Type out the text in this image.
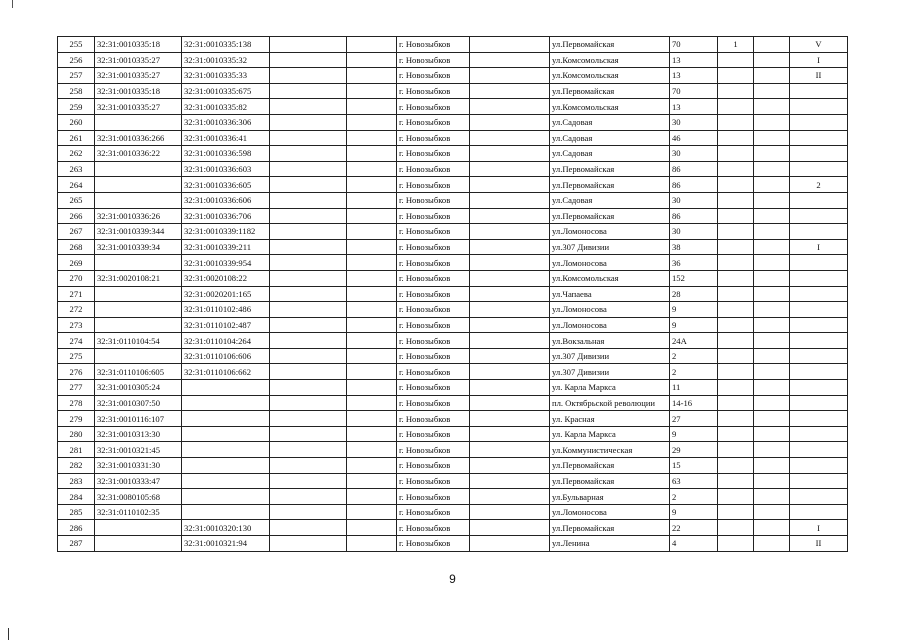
255	32:31:0010335:18	32:31:0010335:138			г. Новозыбков		ул.Первомайская	70	1		V
256	32:31:0010335:27	32:31:0010335:32			г. Новозыбков		ул.Комсомольская	13			I
257	32:31:0010335:27	32:31:0010335:33			г. Новозыбков		ул.Комсомольская	13			II
258	32:31:0010335:18	32:31:0010335:675			г. Новозыбков		ул.Первомайская	70			
259	32:31:0010335:27	32:31:0010335:82			г. Новозыбков		ул.Комсомольская	13			
260		32:31:0010336:306			г. Новозыбков		ул.Садовая	30			
261	32:31:0010336:266	32:31:0010336:41			г. Новозыбков		ул.Садовая	46			
262	32:31:0010336:22	32:31:0010336:598			г. Новозыбков		ул.Садовая	30			
263		32:31:0010336:603			г. Новозыбков		ул.Первомайская	86			
264		32:31:0010336:605			г. Новозыбков		ул.Первомайская	86			2
265		32:31:0010336:606			г. Новозыбков		ул.Садовая	30			
266	32:31:0010336:26	32:31:0010336:706			г. Новозыбков		ул.Первомайская	86			
267	32:31:0010339:344	32:31:0010339:1182			г. Новозыбков		ул.Ломоносова	30			
268	32:31:0010339:34	32:31:0010339:211			г. Новозыбков		ул.307 Дивизии	38			I
269		32:31:0010339:954			г. Новозыбков		ул.Ломоносова	36			
270	32:31:0020108:21	32:31:0020108:22			г. Новозыбков		ул.Комсомольская	152			
271		32:31:0020201:165			г. Новозыбков		ул.Чапаева	28			
272		32:31:0110102:486			г. Новозыбков		ул.Ломоносова	9			
273		32:31:0110102:487			г. Новозыбков		ул.Ломоносова	9			
274	32:31:0110104:54	32:31:0110104:264			г. Новозыбков		ул.Вокзальная	24А			
275		32:31:0110106:606			г. Новозыбков		ул.307 Дивизии	2			
276	32:31:0110106:605	32:31:0110106:662			г. Новозыбков		ул.307 Дивизии	2			
277	32:31:0010305:24				г. Новозыбков		ул. Карла Маркса	11			
278	32:31:0010307:50				г. Новозыбков		пл. Октябрьской революции	14-16			
279	32:31:0010116:107				г. Новозыбков		ул. Красная	27			
280	32:31:0010313:30				г. Новозыбков		ул. Карла Маркса	9			
281	32:31:0010321:45				г. Новозыбков		ул.Коммунистическая	29			
282	32:31:0010331:30				г. Новозыбков		ул.Первомайская	15			
283	32:31:0010333:47				г. Новозыбков		ул.Первомайская	63			
284	32:31:0080105:68				г. Новозыбков		ул.Бульварная	2			
285	32:31:0110102:35				г. Новозыбков		ул.Ломоносова	9			
286		32:31:0010320:130			г. Новозыбков		ул.Первомайская	22			I
287		32:31:0010321:94			г. Новозыбков		ул.Ленина	4			II
9
